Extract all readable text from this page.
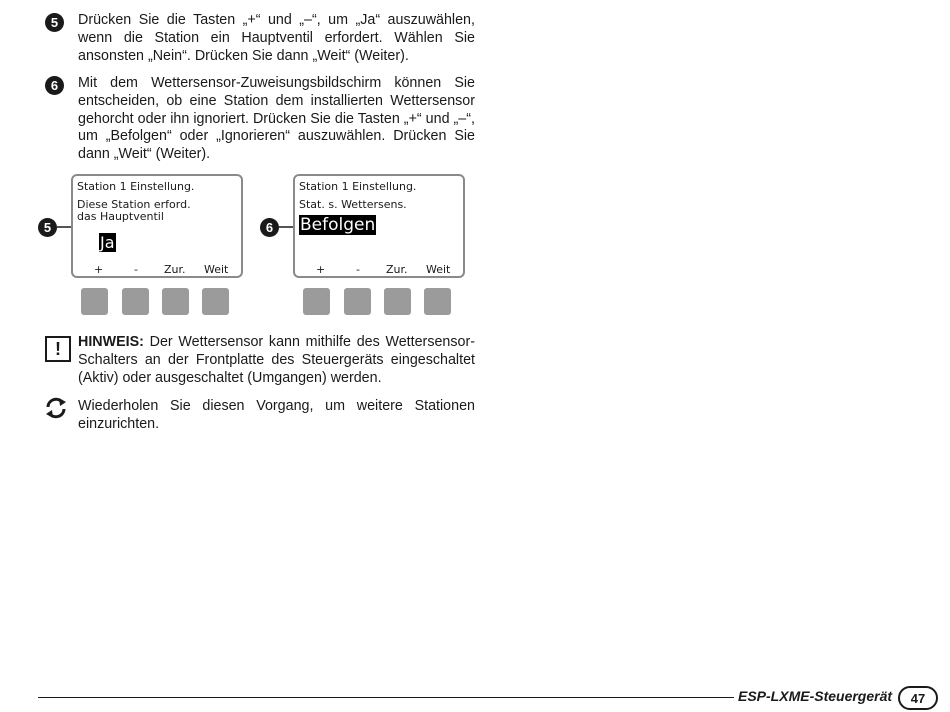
5	Drücken Sie die Tasten „+“ und „–“, um „Ja“ auszuwählen, wenn die Station ein Hauptventil erfordert. Wählen Sie ansonsten „Nein“. Drücken Sie dann „Weit“ (Weiter).
6	Mit dem Wettersensor-Zuweisungsbildschirm können Sie entscheiden, ob eine Station dem installierten Wettersensor gehorcht oder ihn ignoriert. Drücken Sie die Tasten „+“ und „–“, um „Befolgen“ oder „Ignorieren“ auszuwählen. Drücken Sie dann „Weit“ (Weiter).
5
Station 1 Einstellung.
Diese Station erford.
das Hauptventil
Ja
+	- Zur. Weit
6
Station 1 Einstellung.
Stat. s. Wettersens.
Befolgen
+	- Zur. Weit
!	HINWEIS: Der Wettersensor kann mithilfe des Wettersensor-Schalters an der Frontplatte des Steuergeräts eingeschaltet (Aktiv) oder ausgeschaltet (Umgangen) werden.
Wiederholen Sie diesen Vorgang, um weitere Stationen einzurichten.
ESP-LXME-Steuergerät	47
